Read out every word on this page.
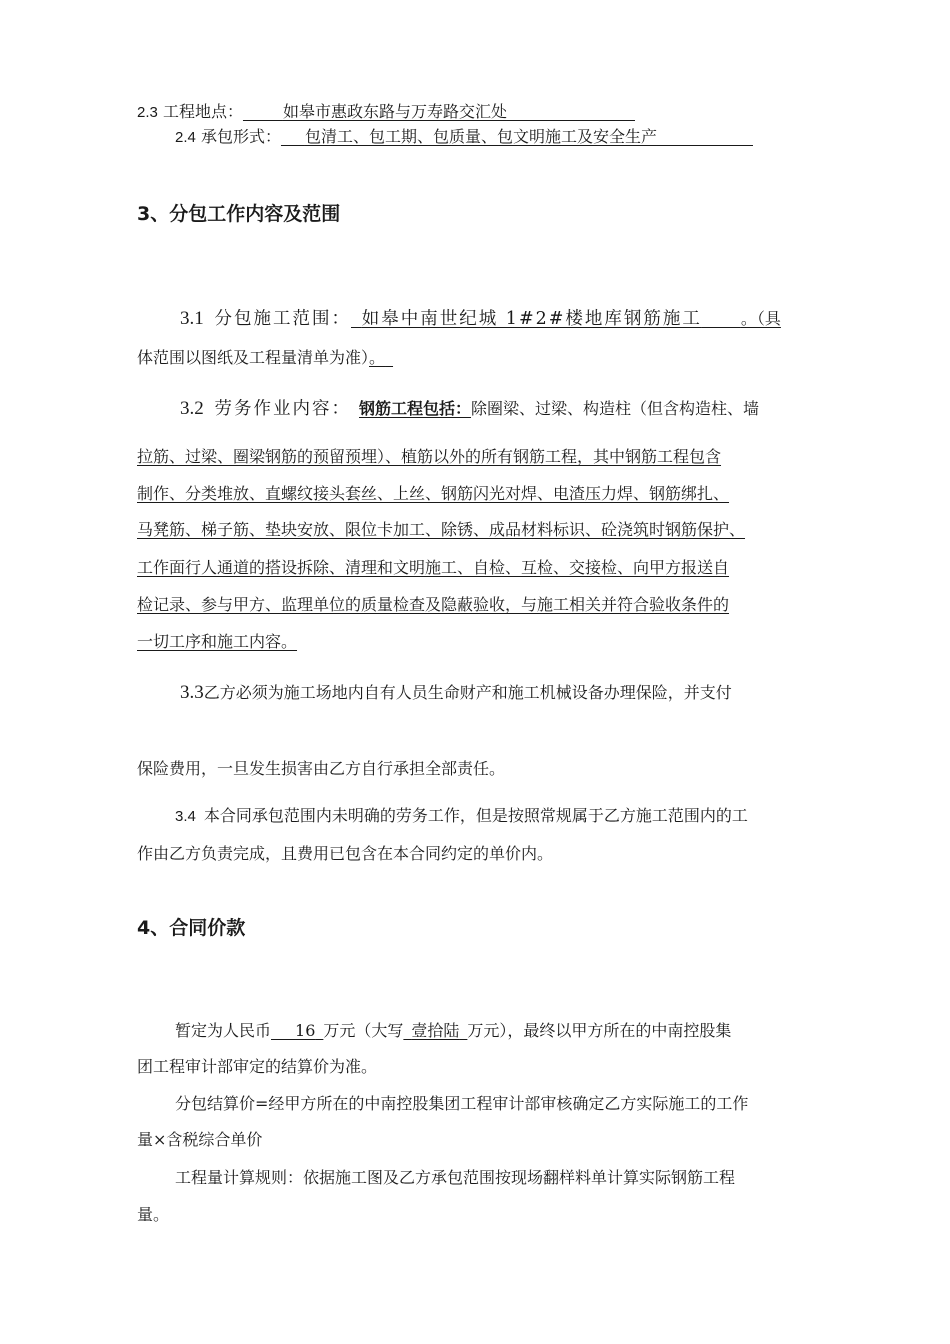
2.3 工程地点：   	如皋市惠政东路与万寿路交汇处        
2.4 承包形式：   包清工、包工期、包质量、包文明施工及安全生产      
3、分包工作内容及范围
3.1  分包施工范围：  如皋中南世纪城 1#2#楼地库钢筋施工   。（具
体范围以图纸及工程量清单为准）。 
3.2  劳务作业内容：  钢筋工程包括：除圈梁、过梁、构造柱（但含构造柱、墙
拉筋、过梁、圈梁钢筋的预留预埋）、植筋以外的所有钢筋工程，其中钢筋工程包含
制作、分类堆放、直螺纹接头套丝、上丝、钢筋闪光对焊、电渣压力焊、钢筋绑扎、
马凳筋、梯子筋、垫块安放、限位卡加工、除锈、成品材料标识、砼浇筑时钢筋保护、
工作面行人通道的搭设拆除、清理和文明施工、自检、互检、交接检、向甲方报送自
检记录、参与甲方、监理单位的质量检查及隐蔽验收，与施工相关并符合验收条件的
一切工序和施工内容。
3.3乙方必须为施工场地内自有人员生命财产和施工机械设备办理保险，并支付
保险费用，一旦发生损害由乙方自行承担全部责任。
3.4  本合同承包范围内未明确的劳务工作，但是按照常规属于乙方施工范围内的工
作由乙方负责完成，且费用已包含在本合同约定的单价内。
4、合同价款
暂定为人民币   16  万元（大写  壹拾陆  万元），最终以甲方所在的中南控股集
团工程审计部审定的结算价为准。
分包结算价=经甲方所在的中南控股集团工程审计部审核确定乙方实际施工的工作
量×含税综合单价
工程量计算规则：依据施工图及乙方承包范围按现场翻样料单计算实际钢筋工程
量。
